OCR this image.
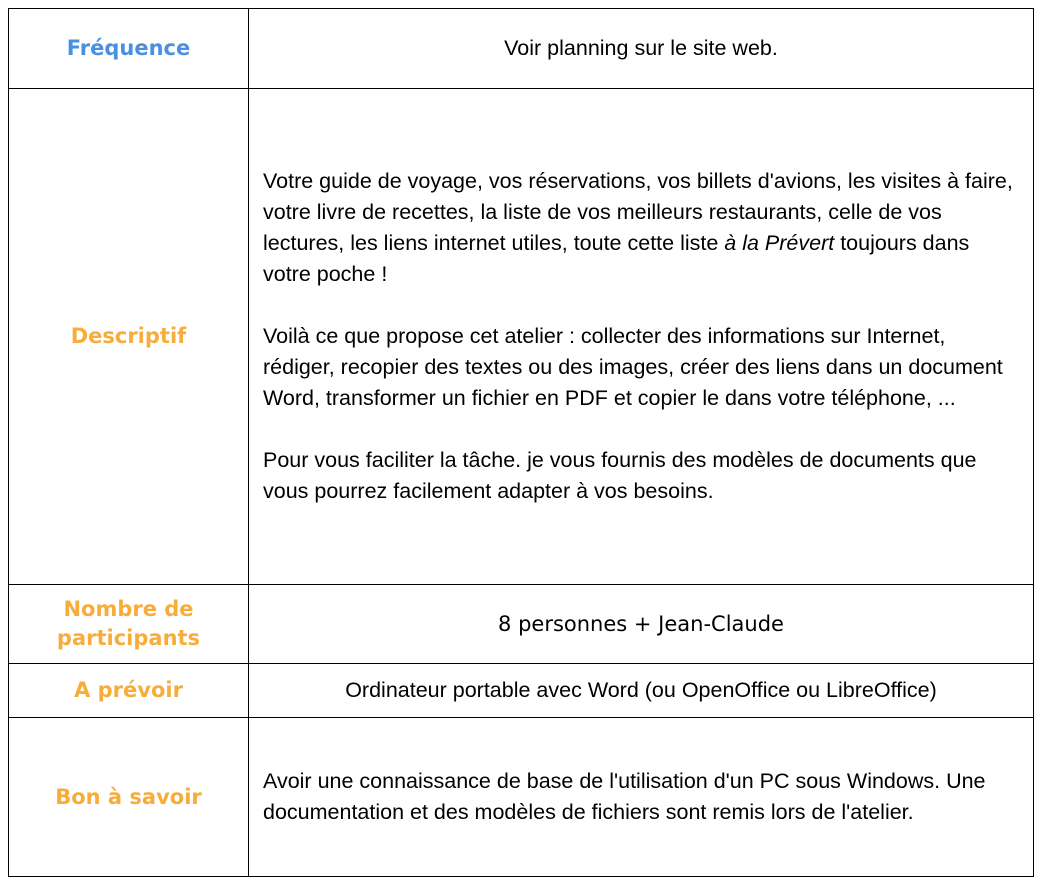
Fréquence	Voir planning sur le site web.
Descriptif	Votre guide de voyage, vos réservations, vos billets d'avions, les visites à faire, votre livre de recettes, la liste de vos meilleurs restaurants, celle de vos lectures, les liens internet utiles, toute cette liste à la Prévert toujours dans votre poche !

Voilà ce que propose cet atelier : collecter des informations sur Internet, rédiger, recopier des textes ou des images, créer des liens dans un document Word, transformer un fichier en PDF et copier le dans votre téléphone, ...

Pour vous faciliter la tâche. je vous fournis des modèles de documents que vous pourrez facilement adapter à vos besoins.

Nombre de
participants	8 personnes + Jean-Claude
A prévoir	Ordinateur portable avec Word (ou OpenOffice ou LibreOffice)
Bon à savoir	Avoir une connaissance de base de l'utilisation d'un PC sous Windows. Une documentation et des modèles de fichiers sont remis lors de l'atelier.
